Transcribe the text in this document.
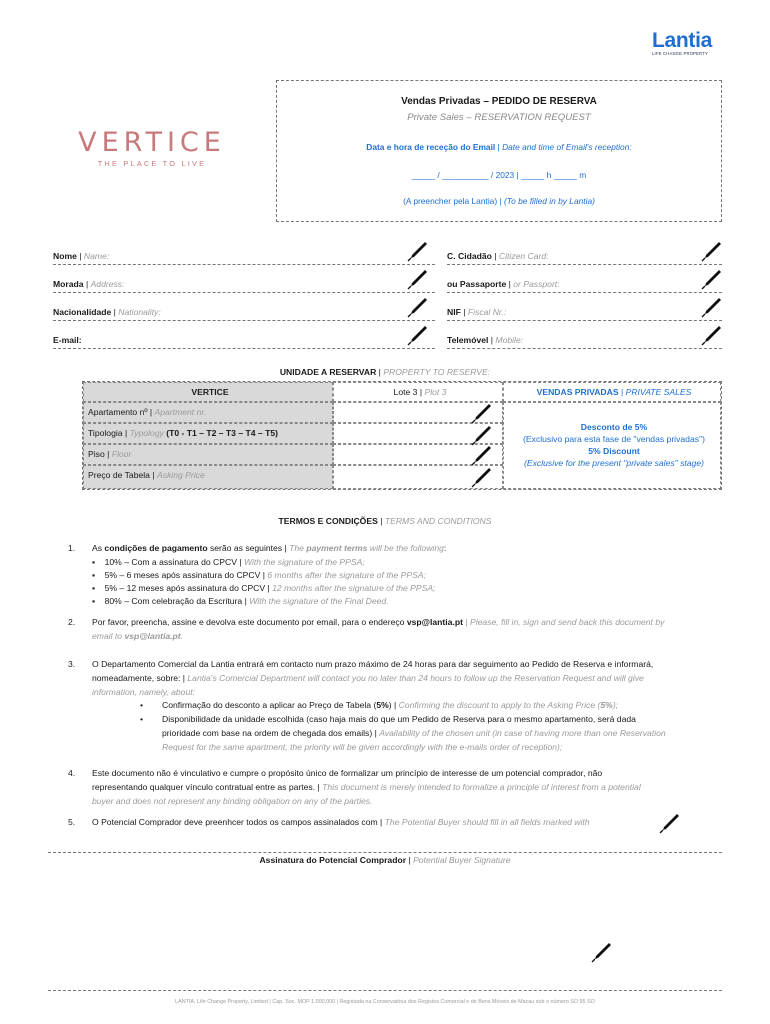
Lantia
LIFE CHANGE PROPERTY
VERTICE
THE PLACE TO LIVE
Vendas Privadas – PEDIDO DE RESERVA
Private Sales – RESERVATION REQUEST
Data e hora de receção do Email | Date and time of Email's reception:
_____ / __________ / 2023 | _____ h _____ m
(A preencher pela Lantia) | (To be filled in by Lantia)
Nome | Name:
Morada | Address:
Nacionalidade | Nationality:
E-mail:
C. Cidadão | Citizen Card:
ou Passaporte | or Passport:
NIF | Fiscal Nr.:
Telemóvel | Mobile:
UNIDADE A RESERVAR | PROPERTY TO RESERVE:
VERTICE	Lote 3 | Plot 3	VENDAS PRIVADAS | PRIVATE SALES
Apartamento nº | Apartment nr.
Tipologia | Typology (T0 - T1 – T2 – T3 – T4 – T5)
Piso | Floor
Preço de Tabela | Asking Price
Desconto de 5%
(Exclusivo para esta fase de "vendas privadas")
5% Discount
(Exclusive for the present "private sales" stage)
TERMOS E CONDIÇÕES | TERMS AND CONDITIONS
1. As condições de pagamento serão as seguintes | The payment terms will be the following:
▪    10% – Com a assinatura do CPCV | With the signature of the PPSA;
▪    5% – 6 meses após assinatura do CPCV | 6 months after the signature of the PPSA;
▪    5% – 12 meses após assinatura do CPCV | 12 months after the signature of the PPSA;
▪    80% – Com celebração da Escritura | With the signature of the Final Deed.
2. Por favor, preencha, assine e devolva este documento por email, para o endereço vsp@lantia.pt | Please, fill in, sign and send back this document by
email to vsp@lantia.pt.
3. O Departamento Comercial da Lantia entrará em contacto num prazo máximo de 24 horas para dar seguimento ao Pedido de Reserva e informará,
nomeadamente, sobre: | Lantia's Comercial Department will contact you no later than 24 hours to follow up the Reservation Request and will give
information, namely, about:
• Confirmação do desconto a aplicar ao Preço de Tabela (5%) | Confirming the discount to apply to the Asking Price (5%);
• Disponibilidade da unidade escolhida (caso haja mais do que um Pedido de Reserva para o mesmo apartamento, será dada
prioridade com base na ordem de chegada dos emails) | Availability of the chosen unit (in case of having more than one Reservation
Request for the same apartment, the priority will be given accordingly with the e-mails order of reception);
4. Este documento não é vinculativo e cumpre o propósito único de formalizar um princípio de interesse de um potencial comprador, não
representando qualquer vínculo contratual entre as partes. | This document is merely intended to formalize a principle of interest from a potential
buyer and does not represent any binding obligation on any of the parties.
5. O Potencial Comprador deve preenhcer todos os campos assinalados com | The Potential Buyer should fill in all fields marked with
Assinatura do Potencial Comprador | Potential Buyer Signature
LANTIA, Life Change Property, Limited | Cap. Soc. MOP 1.000.000 | Registada na Conservatória dos Registos Comercial e de Bens Móveis de Macau sob o número SO 95 SO
